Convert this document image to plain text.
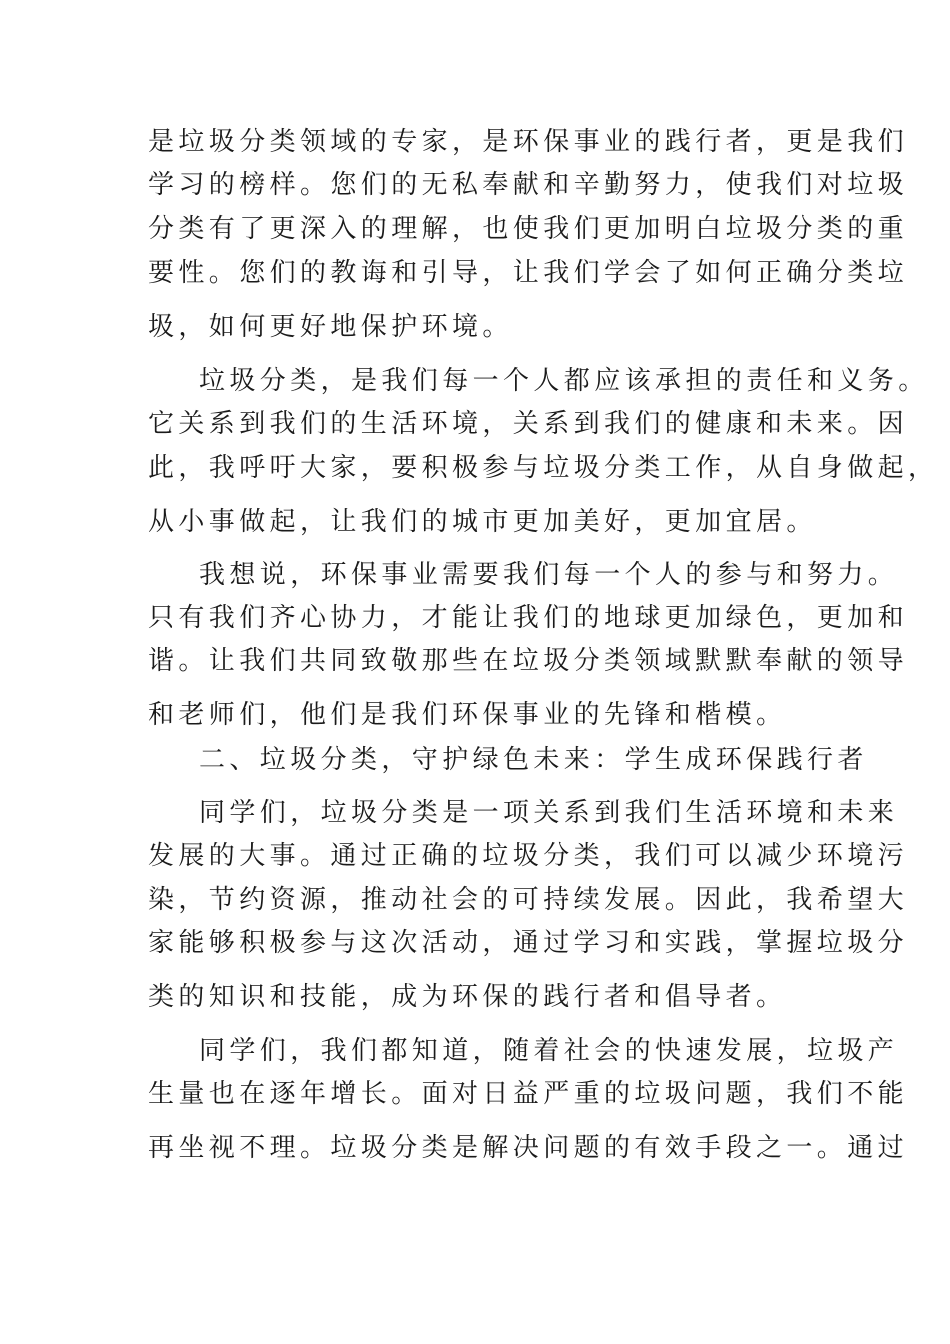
是垃圾分类领域的专家，是环保事业的践行者，更是我们
学习的榜样。您们的无私奉献和辛勤努力，使我们对垃圾
分类有了更深入的理解，也使我们更加明白垃圾分类的重
要性。您们的教诲和引导，让我们学会了如何正确分类垃
圾，如何更好地保护环境。
垃圾分类，是我们每一个人都应该承担的责任和义务。
它关系到我们的生活环境，关系到我们的健康和未来。因
此，我呼吁大家，要积极参与垃圾分类工作，从自身做起，
从小事做起，让我们的城市更加美好，更加宜居。
我想说，环保事业需要我们每一个人的参与和努力。
只有我们齐心协力，才能让我们的地球更加绿色，更加和
谐。让我们共同致敬那些在垃圾分类领域默默奉献的领导
和老师们，他们是我们环保事业的先锋和楷模。
二、垃圾分类，守护绿色未来：学生成环保践行者
同学们，垃圾分类是一项关系到我们生活环境和未来
发展的大事。通过正确的垃圾分类，我们可以减少环境污
染，节约资源，推动社会的可持续发展。因此，我希望大
家能够积极参与这次活动，通过学习和实践，掌握垃圾分
类的知识和技能，成为环保的践行者和倡导者。
同学们，我们都知道，随着社会的快速发展，垃圾产
生量也在逐年增长。面对日益严重的垃圾问题，我们不能
再坐视不理。垃圾分类是解决问题的有效手段之一。通过
